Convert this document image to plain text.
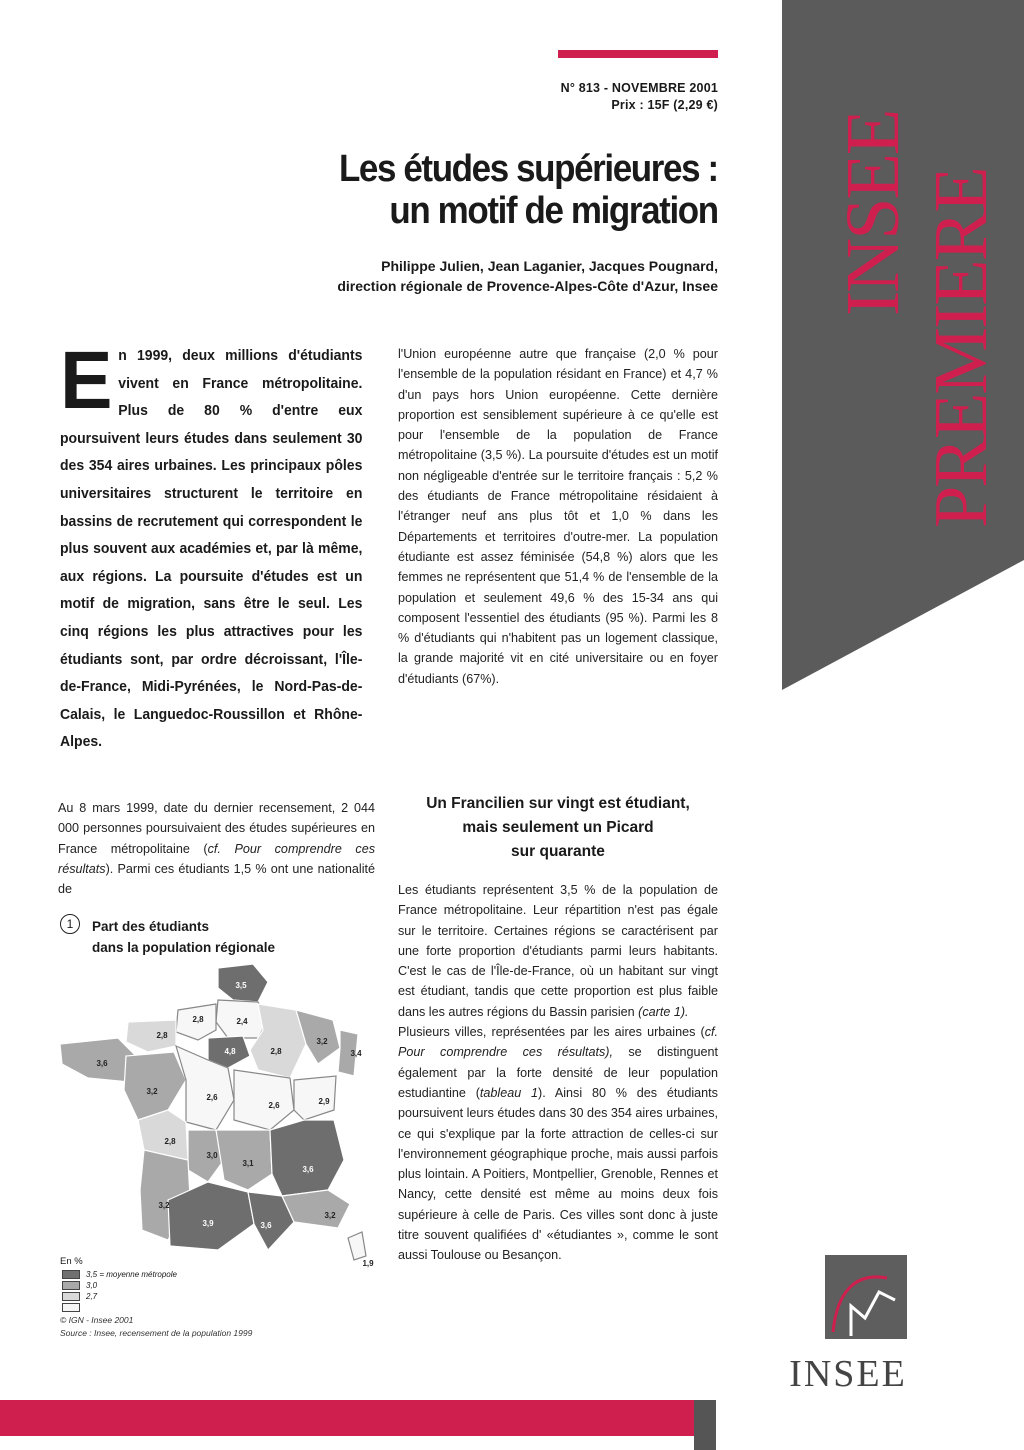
N° 813 - NOVEMBRE 2001
Prix : 15F (2,29 €)
Les études supérieures :
un motif de migration
Philippe Julien, Jean Laganier, Jacques Pougnard,
direction régionale de Provence-Alpes-Côte d'Azur, Insee INSEE PREMIERE
En 1999, deux millions d'étudiants vivent en France métropolitaine. Plus de 80 % d'entre eux poursuivent leurs études dans seulement 30 des 354 aires urbaines. Les principaux pôles universitaires structurent le territoire en bassins de recrutement qui correspondent le plus souvent aux académies et, par là même, aux régions. La poursuite d'études est un motif de migration, sans être le seul. Les cinq régions les plus attractives pour les étudiants sont, par ordre décroissant, l'Île-de-France, Midi-Pyrénées, le Nord-Pas-de-Calais, le Languedoc-Roussillon et Rhône-Alpes.

l'Union européenne autre que française (2,0 % pour l'ensemble de la population résidant en France) et 4,7 % d'un pays hors Union européenne. Cette dernière proportion est sensiblement supérieure à ce qu'elle est pour l'ensemble de la population de France métropolitaine (3,5 %). La poursuite d'études est un motif non négligeable d'entrée sur le territoire français : 5,2 % des étudiants de France métropolitaine résidaient à l'étranger neuf ans plus tôt et 1,0 % dans les Départements et territoires d'outre-mer. La population étudiante est assez féminisée (54,8 %) alors que les femmes ne représentent que 51,4 % de l'ensemble de la population et seulement 49,6 % des 15-34 ans qui composent l'essentiel des étudiants (95 %). Parmi les 8 % d'étudiants qui n'habitent pas un logement classique, la grande majorité vit en cité universitaire ou en foyer d'étudiants (67%).

Au 8 mars 1999, date du dernier recensement, 2 044 000 personnes poursuivaient des études supérieures en France métropolitaine (cf. Pour comprendre ces résultats). Parmi ces étudiants 1,5 % ont une nationalité de

Un Francilien sur vingt est étudiant,
mais seulement un Picard
sur quarante

Les étudiants représentent 3,5 % de la population de France métropolitaine. Leur répartition n'est pas égale sur le territoire. Certaines régions se caractérisent par une forte proportion d'étudiants parmi leurs habitants. C'est le cas de l'Île-de-France, où un habitant sur vingt est étudiant, tandis que cette proportion est plus faible dans les autres régions du Bassin parisien (carte 1).

Plusieurs villes, représentées par les aires urbaines (cf. Pour comprendre ces résultats), se distinguent également par la forte densité de leur population estudiantine (tableau 1). Ainsi 80 % des étudiants poursuivent leurs études dans 30 des 354 aires urbaines, ce qui s'explique par la forte attraction de celles-ci sur l'environnement géographique proche, mais aussi parfois plus lointain. A Poitiers, Montpellier, Grenoble, Rennes et Nancy, cette densité est même au moins deux fois supérieure à celle de Paris. Ces villes sont donc à juste titre souvent qualifiées d' «étudiantes », comme le sont aussi Toulouse ou Besançon.

1	Part des étudiants
dans la population régionale
3,5
2,8	2,4
2,8
4,8	2,8
3,2
3,4
3,6
3,2
2,6
2,6	2,9
2,8
3,0
3,1
3,6
3,2
3,9	3,6
3,2
1,9
En %
3,5 = moyenne métropole
3,0
2,7
© IGN - Insee 2001
Source : Insee, recensement de la population 1999
INSEE
